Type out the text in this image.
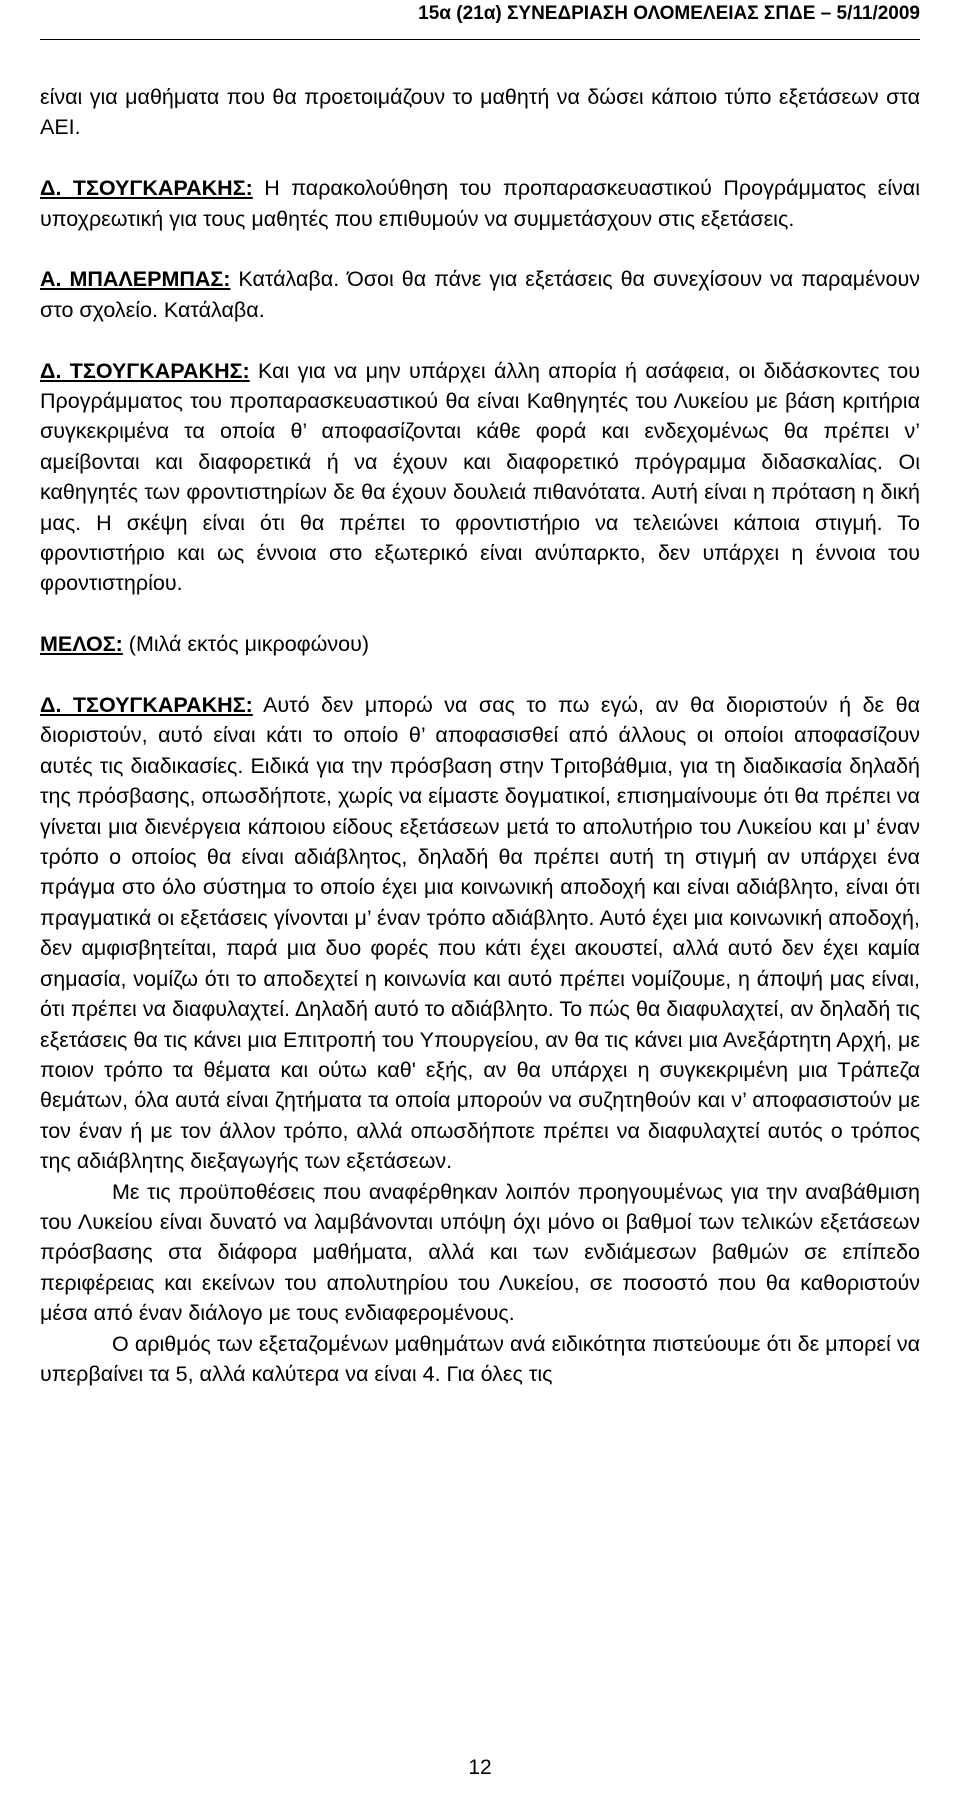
15α (21α) ΣΥΝΕΔΡΙΑΣΗ ΟΛΟΜΕΛΕΙΑΣ ΣΠΔΕ – 5/11/2009

είναι για μαθήματα που θα προετοιμάζουν το μαθητή να δώσει κάποιο τύπο εξετάσεων στα ΑΕΙ.

Δ. ΤΣΟΥΓΚΑΡΑΚΗΣ: Η παρακολούθηση του προπαρασκευαστικού Προγράμματος είναι υποχρεωτική για τους μαθητές που επιθυμούν να συμμετάσχουν στις εξετάσεις.

Α. ΜΠΑΛΕΡΜΠΑΣ: Κατάλαβα. Όσοι θα πάνε για εξετάσεις θα συνεχίσουν να παραμένουν στο σχολείο. Κατάλαβα.

Δ. ΤΣΟΥΓΚΑΡΑΚΗΣ: Και για να μην υπάρχει άλλη απορία ή ασάφεια, οι διδάσκοντες του Προγράμματος του προπαρασκευαστικού θα είναι Καθηγητές του Λυκείου με βάση κριτήρια συγκεκριμένα τα οποία θ’ αποφασίζονται κάθε φορά και ενδεχομένως θα πρέπει ν’ αμείβονται και διαφορετικά ή να έχουν και διαφορετικό πρόγραμμα διδασκαλίας. Οι καθηγητές των φροντιστηρίων δε θα έχουν δουλειά πιθανότατα. Αυτή είναι η πρόταση η δική μας. Η σκέψη είναι ότι θα πρέπει το φροντιστήριο να τελειώνει κάποια στιγμή. Το φροντιστήριο και ως έννοια στο εξωτερικό είναι ανύπαρκτο, δεν υπάρχει η έννοια του φροντιστηρίου.

ΜΕΛΟΣ: (Μιλά εκτός μικροφώνου)

Δ. ΤΣΟΥΓΚΑΡΑΚΗΣ: Αυτό δεν μπορώ να σας το πω εγώ, αν θα διοριστούν ή δε θα διοριστούν, αυτό είναι κάτι το οποίο θ’ αποφασισθεί από άλλους οι οποίοι αποφασίζουν αυτές τις διαδικασίες. Ειδικά για την πρόσβαση στην Τριτοβάθμια, για τη διαδικασία δηλαδή της πρόσβασης, οπωσδήποτε, χωρίς να είμαστε δογματικοί, επισημαίνουμε ότι θα πρέπει να γίνεται μια διενέργεια κάποιου είδους εξετάσεων μετά το απολυτήριο του Λυκείου και μ’ έναν τρόπο ο οποίος θα είναι αδιάβλητος, δηλαδή θα πρέπει αυτή τη στιγμή αν υπάρχει ένα πράγμα στο όλο σύστημα το οποίο έχει μια κοινωνική αποδοχή και είναι αδιάβλητο, είναι ότι πραγματικά οι εξετάσεις γίνονται μ’ έναν τρόπο αδιάβλητο. Αυτό έχει μια κοινωνική αποδοχή, δεν αμφισβητείται, παρά μια δυο φορές που κάτι έχει ακουστεί, αλλά αυτό δεν έχει καμία σημασία, νομίζω ότι το αποδεχτεί η κοινωνία και αυτό πρέπει νομίζουμε, η άποψή μας είναι, ότι πρέπει να διαφυλαχτεί. Δηλαδή αυτό το αδιάβλητο. Το πώς θα διαφυλαχτεί, αν δηλαδή τις εξετάσεις θα τις κάνει μια Επιτροπή του Υπουργείου, αν θα τις κάνει μια Ανεξάρτητη Αρχή, με ποιον τρόπο τα θέματα και ούτω καθ' εξής, αν θα υπάρχει η συγκεκριμένη μια Τράπεζα θεμάτων, όλα αυτά είναι ζητήματα τα οποία μπορούν να συζητηθούν και ν’ αποφασιστούν με τον έναν ή με τον άλλον τρόπο, αλλά οπωσδήποτε πρέπει να διαφυλαχτεί αυτός ο τρόπος της αδιάβλητης διεξαγωγής των εξετάσεων.

Με τις προϋποθέσεις που αναφέρθηκαν λοιπόν προηγουμένως για την αναβάθμιση του Λυκείου είναι δυνατό να λαμβάνονται υπόψη όχι μόνο οι βαθμοί των τελικών εξετάσεων πρόσβασης στα διάφορα μαθήματα, αλλά και των ενδιάμεσων βαθμών σε επίπεδο περιφέρειας και εκείνων του απολυτηρίου του Λυκείου, σε ποσοστό που θα καθοριστούν μέσα από έναν διάλογο με τους ενδιαφερομένους.

Ο αριθμός των εξεταζομένων μαθημάτων ανά ειδικότητα πιστεύουμε ότι δε μπορεί να υπερβαίνει τα 5, αλλά καλύτερα να είναι 4. Για όλες τις

12
